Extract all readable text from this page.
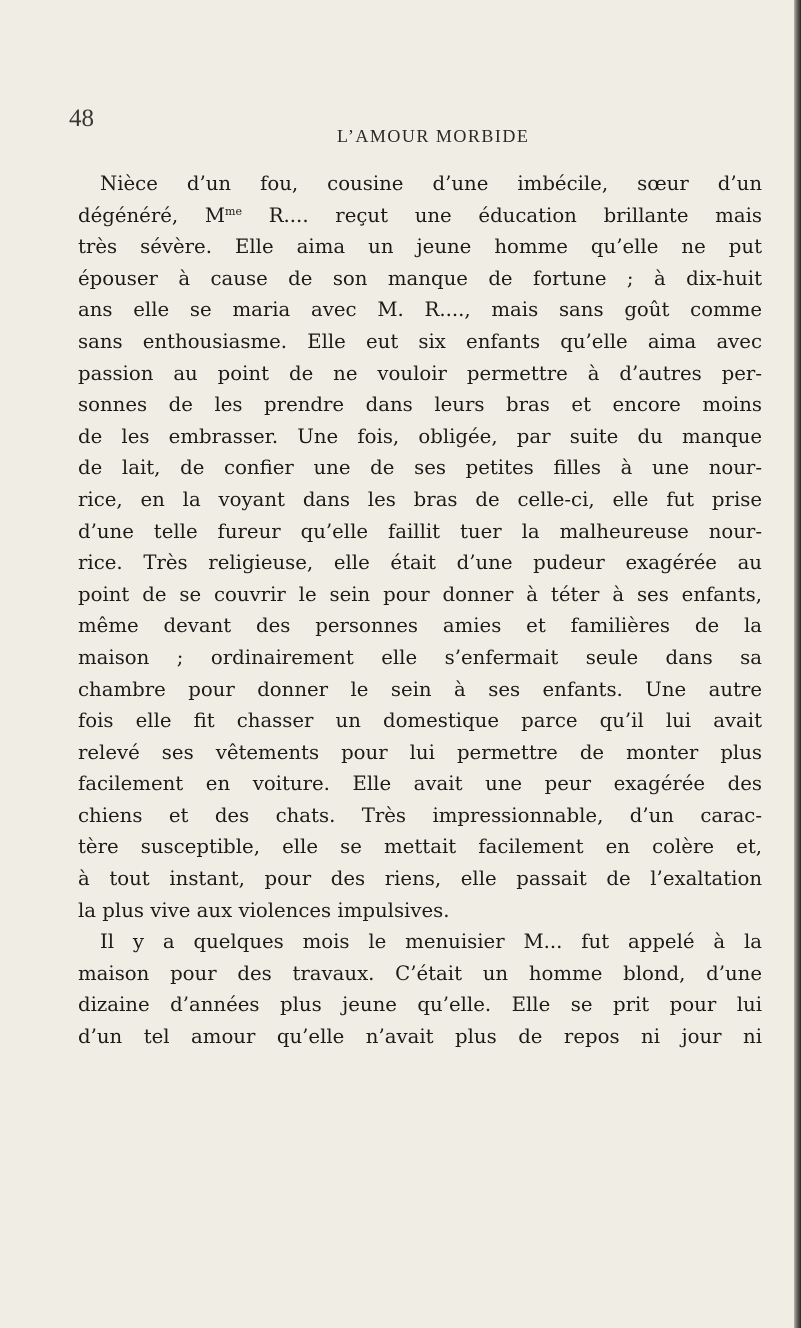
48
L’AMOUR MORBIDE
Nièce d’un fou, cousine d’une imbécile, sœur d’un
dégénéré, $M^{me}$ R.... reçut une éducation brillante mais
très sévère. Elle aima un jeune homme qu’elle ne put
épouser à cause de son manque de fortune ; à dix-huit
ans elle se maria avec M. R...., mais sans goût comme
sans enthousiasme. Elle eut six enfants qu’elle aima avec
passion au point de ne vouloir permettre à d’autres per-
sonnes de les prendre dans leurs bras et encore moins
de les embrasser. Une fois, obligée, par suite du manque
de lait, de confier une de ses petites filles à une nour-
rice, en la voyant dans les bras de celle-ci, elle fut prise
d’une telle fureur qu’elle faillit tuer la malheureuse nour-
rice. Très religieuse, elle était d’une pudeur exagérée au
point de se couvrir le sein pour donner à téter à ses enfants,
même devant des personnes amies et familières de la
maison ; ordinairement elle s’enfermait seule dans sa
chambre pour donner le sein à ses enfants. Une autre
fois elle fit chasser un domestique parce qu’il lui avait
relevé ses vêtements pour lui permettre de monter plus
facilement en voiture. Elle avait une peur exagérée des
chiens et des chats. Très impressionnable, d’un carac-
tère susceptible, elle se mettait facilement en colère et,
à tout instant, pour des riens, elle passait de l’exaltation
la plus vive aux violences impulsives.
Il y a quelques mois le menuisier M... fut appelé à la
maison pour des travaux. C’était un homme blond, d’une
dizaine d’années plus jeune qu’elle. Elle se prit pour lui
d’un tel amour qu’elle n’avait plus de repos ni jour ni
